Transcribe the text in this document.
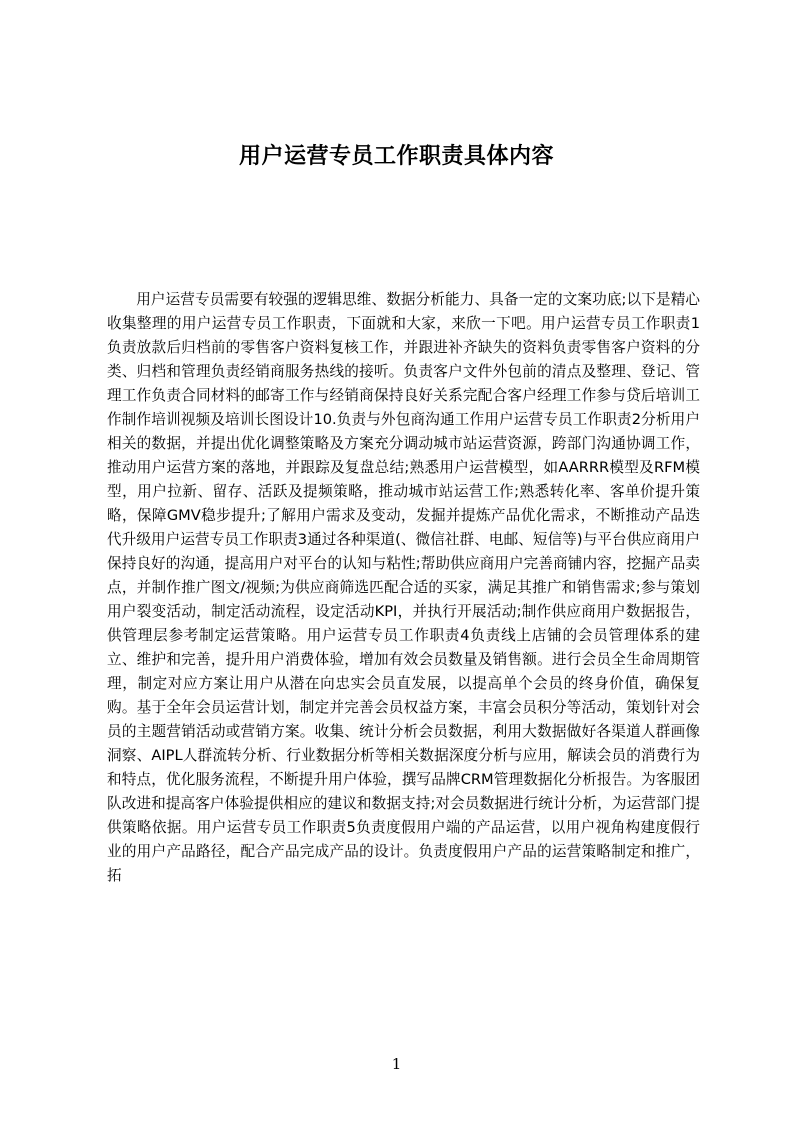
用户运营专员工作职责具体内容

用户运营专员需要有较强的逻辑思维、数据分析能力、具备一定的文案功底;以下是精心收集整理的用户运营专员工作职责，下面就和大家，来欣一下吧。用户运营专员工作职责1负责放款后归档前的零售客户资料复核工作，并跟进补齐缺失的资料负责零售客户资料的分类、归档和管理负责经销商服务热线的接听。负责客户文件外包前的清点及整理、登记、管理工作负责合同材料的邮寄工作与经销商保持良好关系完配合客户经理工作参与贷后培训工作制作培训视频及培训长图设计10.负责与外包商沟通工作用户运营专员工作职责2分析用户相关的数据，并提出优化调整策略及方案充分调动城市站运营资源，跨部门沟通协调工作，推动用户运营方案的落地，并跟踪及复盘总结;熟悉用户运营模型，如AARRR模型及RFM模型，用户拉新、留存、活跃及提频策略，推动城市站运营工作;熟悉转化率、客单价提升策略，保障GMV稳步提升;了解用户需求及变动，发掘并提炼产品优化需求，不断推动产品迭代升级用户运营专员工作职责3通过各种渠道(、微信社群、电邮、短信等)与平台供应商用户保持良好的沟通，提高用户对平台的认知与粘性;帮助供应商用户完善商铺内容，挖掘产品卖点，并制作推广图文/视频;为供应商筛选匹配合适的买家，满足其推广和销售需求;参与策划用户裂变活动，制定活动流程，设定活动KPI，并执行开展活动;制作供应商用户数据报告，供管理层参考制定运营策略。用户运营专员工作职责4负责线上店铺的会员管理体系的建立、维护和完善，提升用户消费体验，增加有效会员数量及销售额。进行会员全生命周期管理，制定对应方案让用户从潜在向忠实会员直发展，以提高单个会员的终身价值，确保复购。基于全年会员运营计划，制定并完善会员权益方案，丰富会员积分等活动，策划针对会员的主题营销活动或营销方案。收集、统计分析会员数据，利用大数据做好各渠道人群画像洞察、AIPL人群流转分析、行业数据分析等相关数据深度分析与应用，解读会员的消费行为和特点，优化服务流程，不断提升用户体验，撰写品牌CRM管理数据化分析报告。为客服团队改进和提高客户体验提供相应的建议和数据支持;对会员数据进行统计分析，为运营部门提供策略依据。用户运营专员工作职责5负责度假用户端的产品运营，以用户视角构建度假行业的用户产品路径，配合产品完成产品的设计。负责度假用户产品的运营策略制定和推广，拓

1
